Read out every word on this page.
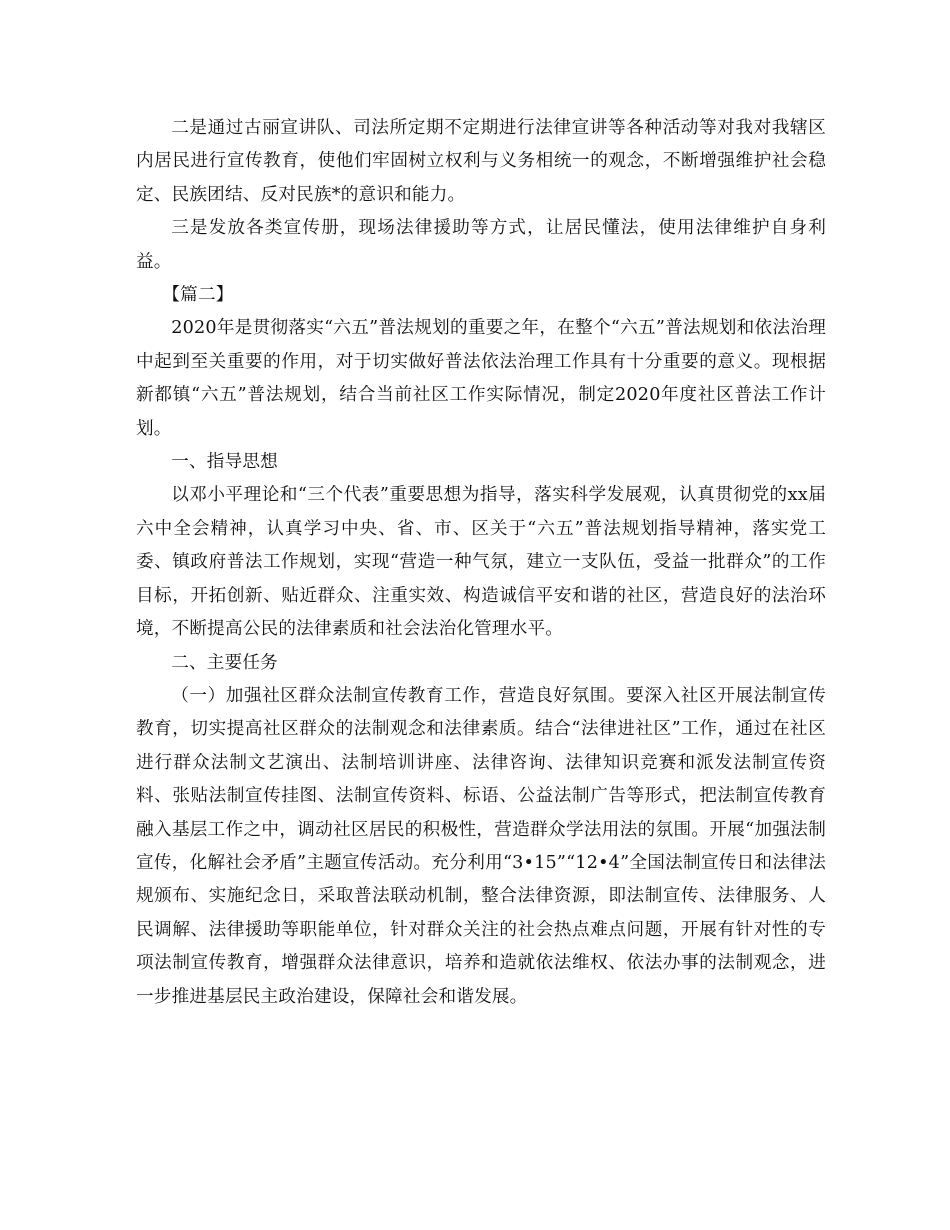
二是通过古丽宣讲队、司法所定期不定期进行法律宣讲等各种活动等对我对我辖区内居民进行宣传教育，使他们牢固树立权利与义务相统一的观念，不断增强维护社会稳定、民族团结、反对民族*的意识和能力。

三是发放各类宣传册，现场法律援助等方式，让居民懂法，使用法律维护自身利益。

【篇二】

2020年是贯彻落实“六五”普法规划的重要之年，在整个“六五”普法规划和依法治理中起到至关重要的作用，对于切实做好普法依法治理工作具有十分重要的意义。现根据新都镇“六五”普法规划，结合当前社区工作实际情况，制定2020年度社区普法工作计划。

一、指导思想

以邓小平理论和“三个代表”重要思想为指导，落实科学发展观，认真贯彻党的xx届六中全会精神，认真学习中央、省、市、区关于“六五”普法规划指导精神，落实党工委、镇政府普法工作规划，实现“营造一种气氛，建立一支队伍，受益一批群众”的工作目标，开拓创新、贴近群众、注重实效、构造诚信平安和谐的社区，营造良好的法治环境，不断提高公民的法律素质和社会法治化管理水平。

二、主要任务

（一）加强社区群众法制宣传教育工作，营造良好氛围。要深入社区开展法制宣传教育，切实提高社区群众的法制观念和法律素质。结合“法律进社区”工作，通过在社区进行群众法制文艺演出、法制培训讲座、法律咨询、法律知识竞赛和派发法制宣传资料、张贴法制宣传挂图、法制宣传资料、标语、公益法制广告等形式，把法制宣传教育融入基层工作之中，调动社区居民的积极性，营造群众学法用法的氛围。开展“加强法制宣传，化解社会矛盾”主题宣传活动。充分利用“3•15”“12•4”全国法制宣传日和法律法规颁布、实施纪念日，采取普法联动机制，整合法律资源，即法制宣传、法律服务、人民调解、法律援助等职能单位，针对群众关注的社会热点难点问题，开展有针对性的专项法制宣传教育，增强群众法律意识，培养和造就依法维权、依法办事的法制观念，进一步推进基层民主政治建设，保障社会和谐发展。
